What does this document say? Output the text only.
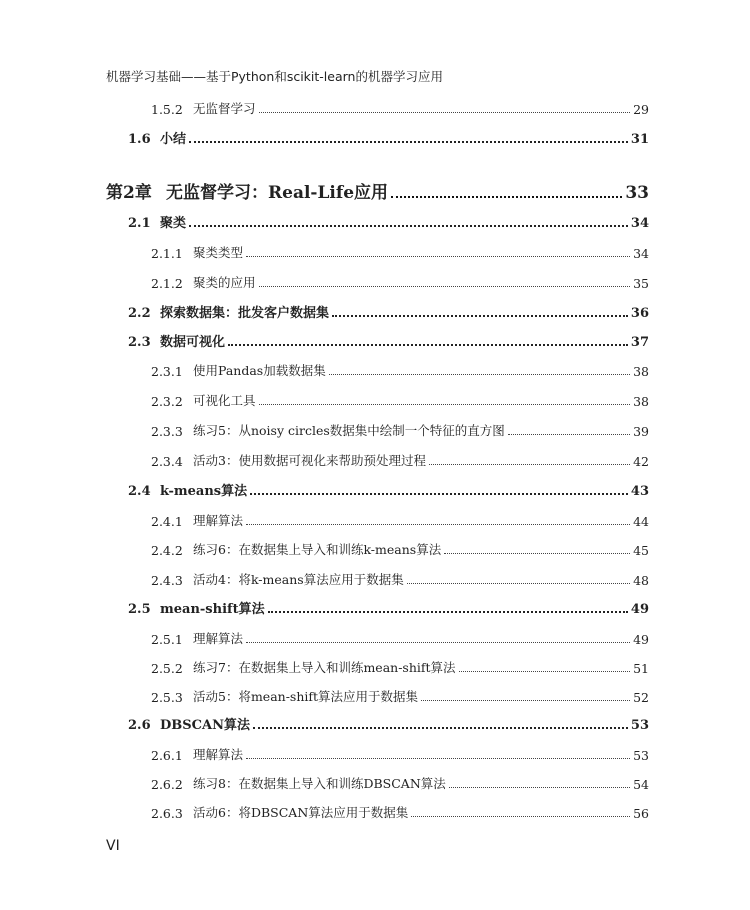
机器学习基础——基于Python和scikit-learn的机器学习应用
1.5.2 无监督学习	29
1.6 小结	31
第2章 无监督学习：Real-Life应用	33
2.1 聚类	34
2.1.1 聚类类型	34
2.1.2 聚类的应用	35
2.2 探索数据集：批发客户数据集	36
2.3 数据可视化	37
2.3.1 使用Pandas加载数据集	38
2.3.2 可视化工具	38
2.3.3 练习5：从noisy circles数据集中绘制一个特征的直方图	39
2.3.4 活动3：使用数据可视化来帮助预处理过程	42
2.4 k-means算法	43
2.4.1 理解算法	44
2.4.2 练习6：在数据集上导入和训练k-means算法	45
2.4.3 活动4：将k-means算法应用于数据集	48
2.5 mean-shift算法	49
2.5.1 理解算法	49
2.5.2 练习7：在数据集上导入和训练mean-shift算法	51
2.5.3 活动5：将mean-shift算法应用于数据集	52
2.6 DBSCAN算法	53
2.6.1 理解算法	53
2.6.2 练习8：在数据集上导入和训练DBSCAN算法	54
2.6.3 活动6：将DBSCAN算法应用于数据集	56
VI
